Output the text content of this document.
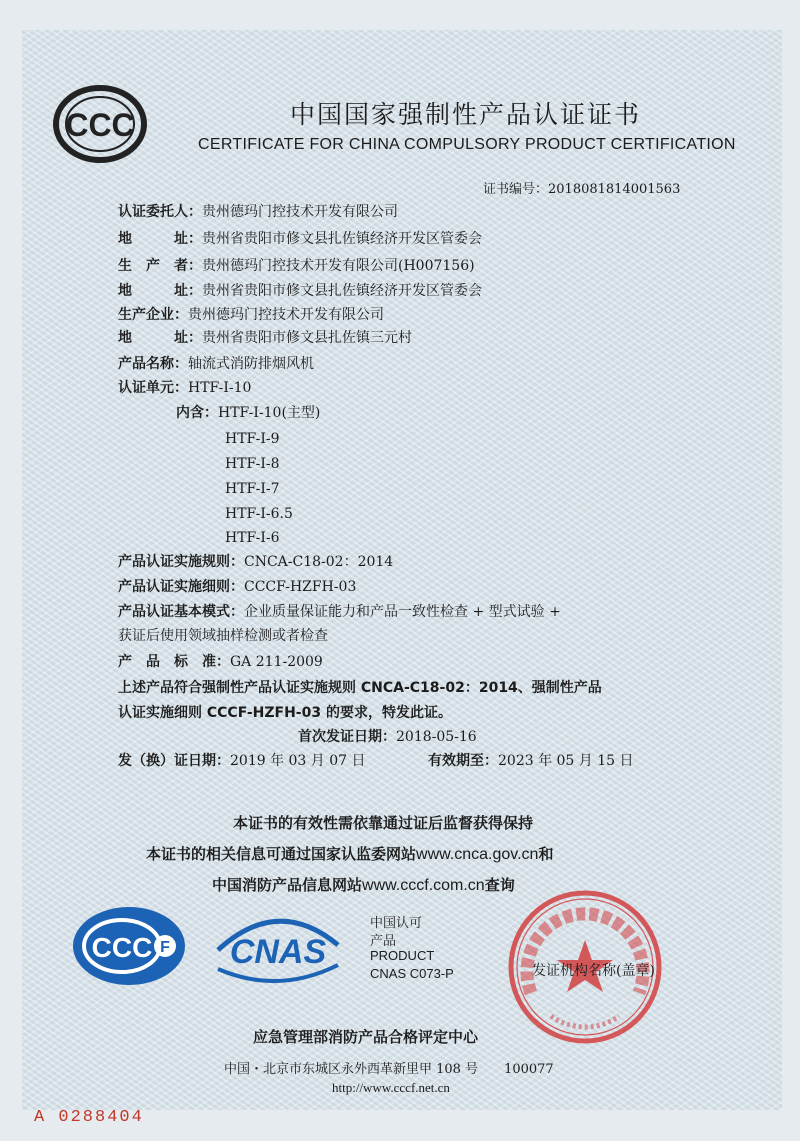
CCC	中国国家强制性产品认证证书
CERTIFICATE FOR CHINA COMPULSORY PRODUCT CERTIFICATION
证书编号：2018081814001563
认证委托人：贵州德玛门控技术开发有限公司
地　　　址：贵州省贵阳市修文县扎佐镇经济开发区管委会
生　产　者：贵州德玛门控技术开发有限公司(H007156)
地　　　址：贵州省贵阳市修文县扎佐镇经济开发区管委会
生产企业：贵州德玛门控技术开发有限公司
地　　　址：贵州省贵阳市修文县扎佐镇三元村
产品名称：轴流式消防排烟风机
认证单元：HTF-I-10
内含：HTF-I-10(主型)
HTF-I-9
HTF-I-8
HTF-I-7
HTF-I-6.5
HTF-I-6
产品认证实施规则：CNCA-C18-02：2014
产品认证实施细则：CCCF-HZFH-03
产品认证基本模式：企业质量保证能力和产品一致性检查 + 型式试验 +
获证后使用领域抽样检测或者检查
产　品　标　准：GA 211-2009
上述产品符合强制性产品认证实施规则 CNCA-C18-02：2014、强制性产品
认证实施细则 CCCF-HZFH-03 的要求，特发此证。
首次发证日期：2018-05-16
发（换）证日期：2019 年 03 月 07 日	有效期至：2023 年 05 月 15 日
本证书的有效性需依靠通过证后监督获得保持
本证书的相关信息可通过国家认监委网站www.cnca.gov.cn和
中国消防产品信息网站www.cccf.com.cn查询
CCC F CNAS
中国认可
产品
PRODUCT
CNAS C073-P	发证机构名称(盖章)
应急管理部消防产品合格评定中心
中国・北京市东城区永外西革新里甲 108 号　　100077
http://www.cccf.net.cn
A 0288404
